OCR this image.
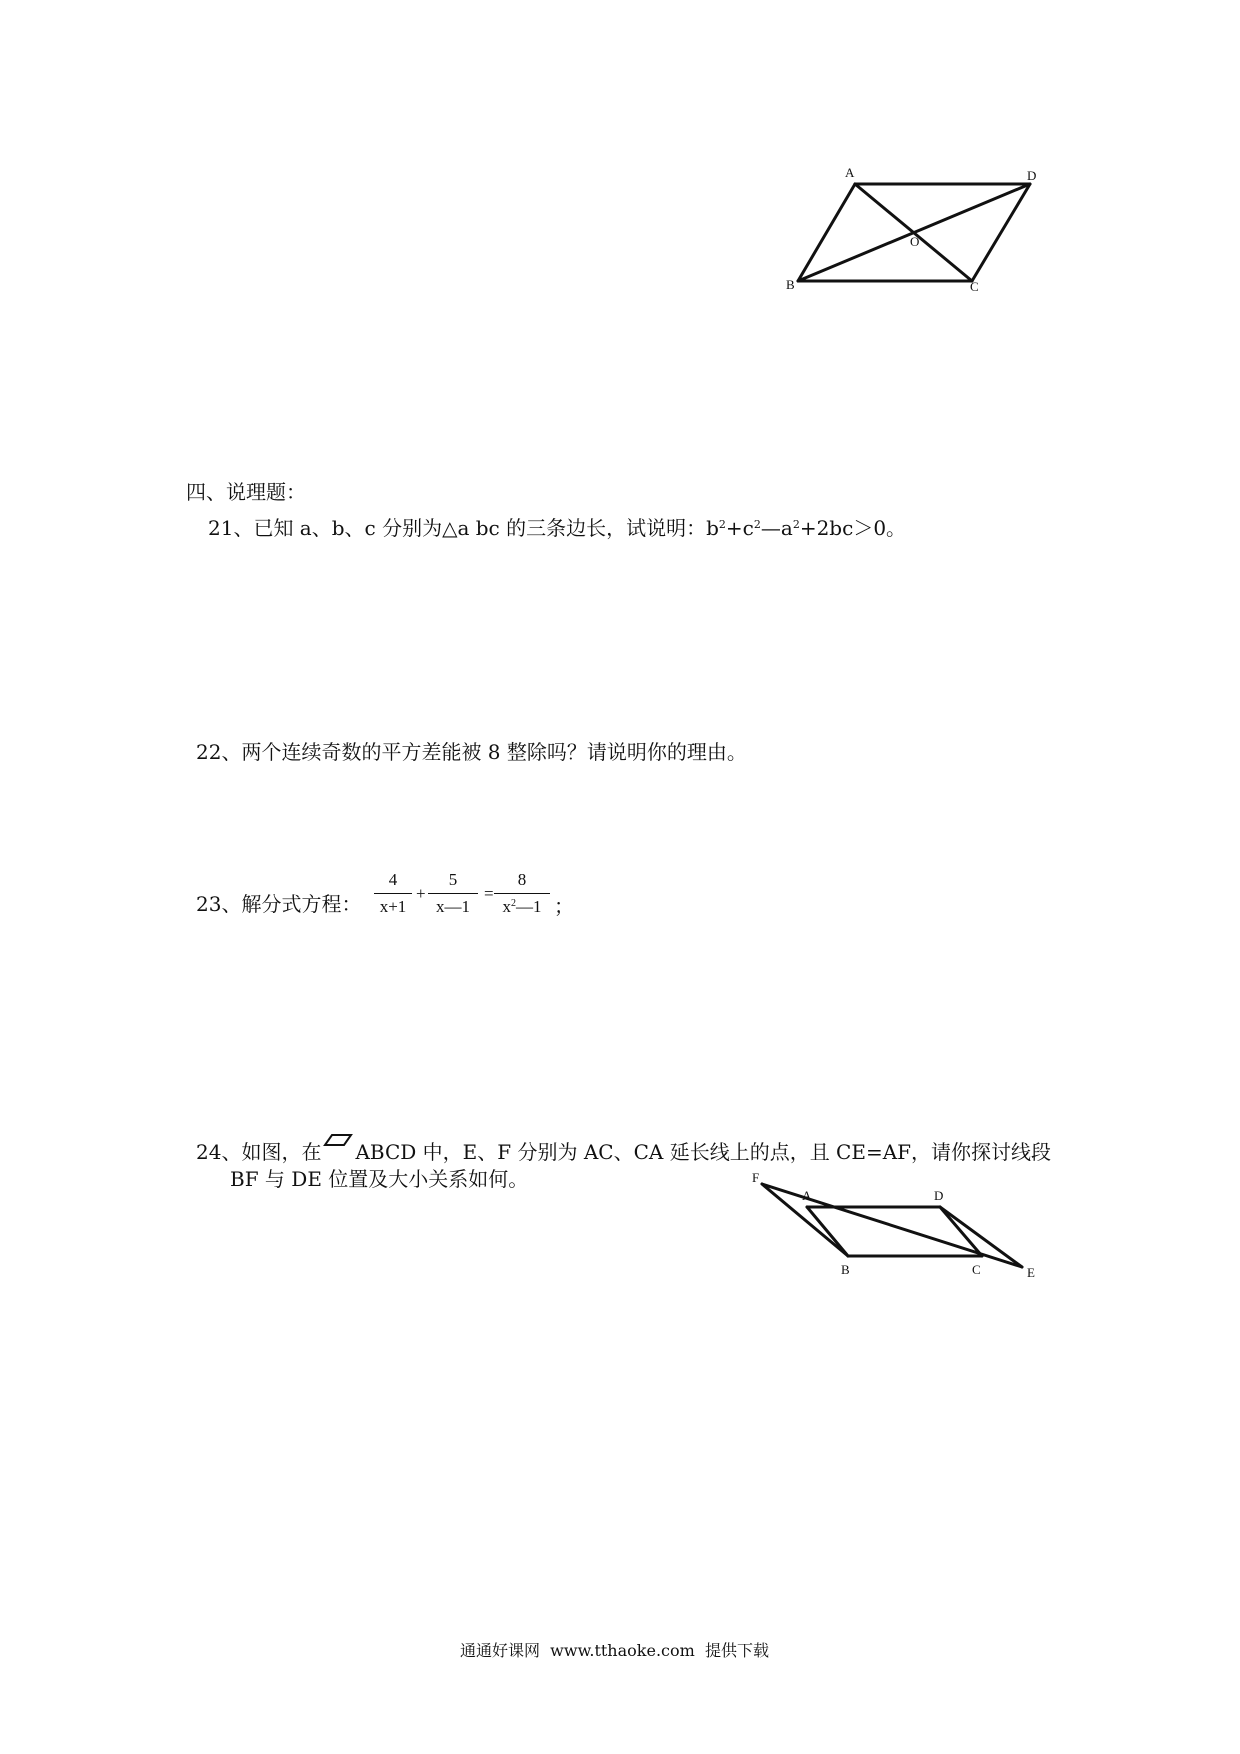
A	D
B	C
O
四、说理题：
21、已知 a、b、c 分别为△a bc 的三条边长，试说明：$b^2+c^2—a^2+2bc>0$。
22、两个连续奇数的平方差能被 8 整除吗？请说明你的理由。
23、解分式方程：
4
x+1
+
5
x—1
=
8
$x^2—1$ ；
24、如图，在 ABCD 中，E、F 分别为 AC、CA 延长线上的点，且 CE=AF，请你探讨线段
BF 与 DE 位置及大小关系如何。	F
A	D
B	C	E
通通好课网  www.tthaoke.com  提供下载
